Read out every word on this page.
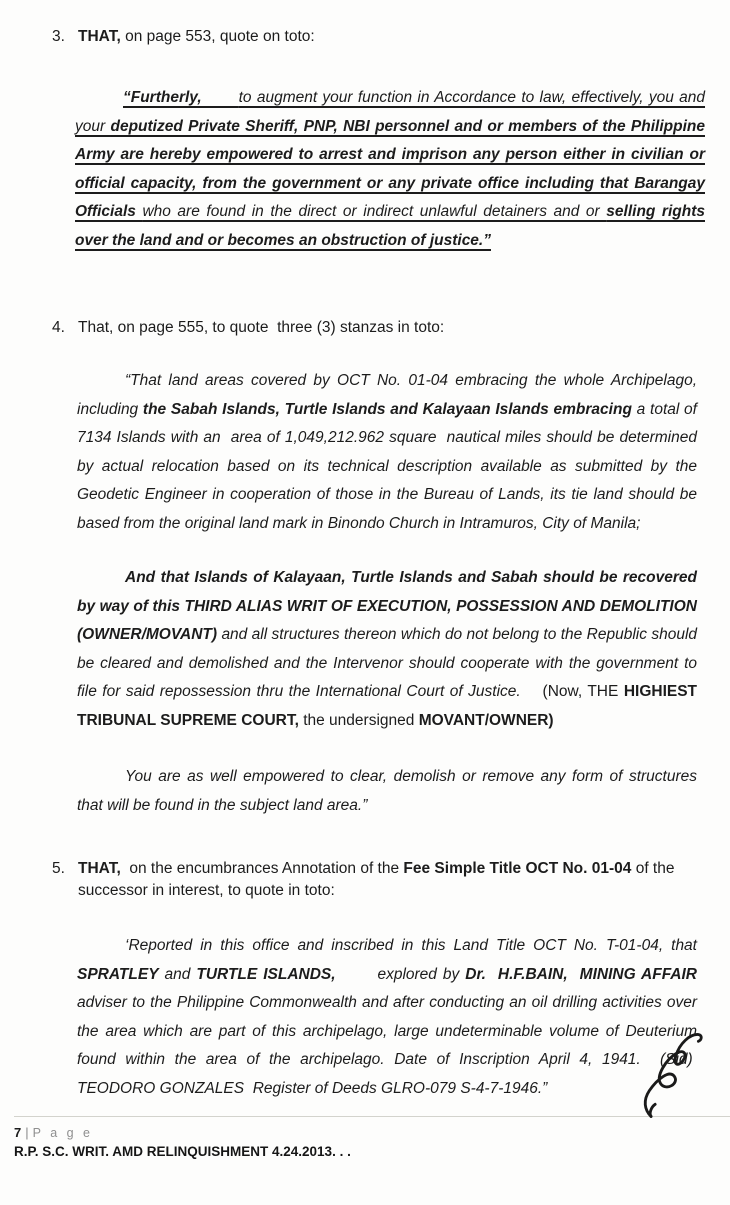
3. THAT, on page 553, quote on toto:

“Furtherly,       to augment your function in Accordance to law, effectively, you and your deputized Private Sheriff, PNP, NBI personnel and or members of the Philippine Army are hereby empowered to arrest and imprison any person either in civilian or official capacity, from the government or any private office including that Barangay Officials who are found in the direct or indirect unlawful detainers and or selling rights over the land and or becomes an obstruction of justice.”

4. That, on page 555, to quote  three (3) stanzas in toto:

“That land areas covered by OCT No. 01-04 embracing the whole Archipelago, including the Sabah Islands, Turtle Islands and Kalayaan Islands embracing a total of 7134 Islands with an  area of 1,049,212.962 square  nautical miles should be determined by actual relocation based on its technical description available as submitted by the Geodetic Engineer in cooperation of those in the Bureau of Lands, its tie land should be based from the original land mark in Binondo Church in Intramuros, City of Manila;

And that Islands of Kalayaan, Turtle Islands and Sabah should be recovered by way of this THIRD ALIAS WRIT OF EXECUTION, POSSESSION AND DEMOLITION (OWNER/MOVANT) and all structures thereon which do not belong to the Republic should be cleared and demolished and the Intervenor should cooperate with the government to file for said repossession thru the International Court of Justice.    (Now, THE HIGHIEST TRIBUNAL SUPREME COURT, the undersigned MOVANT/OWNER)

You are as well empowered to clear, demolish or remove any form of structures that will be found in the subject land area.”

5. THAT,  on the encumbrances Annotation of the Fee Simple Title OCT No. 01-04 of the successor in interest, to quote in toto:

‘Reported in this office and inscribed in this Land Title OCT No. T-01-04, that SPRATLEY and TURTLE ISLANDS,       explored by Dr.  H.F.BAIN,  MINING AFFAIR adviser to the Philippine Commonwealth and after conducting an oil drilling activities over the area which are part of this archipelago, large undeterminable volume of Deuterium found within the area of the archipelago. Date of Inscription April 4, 1941.  (Sid)  TEODORO GONZALES  Register of Deeds GLRO-079 S-4-7-1946.”

7 | P a g e
R.P. S.C. WRIT. AMD RELINQUISHMENT 4.24.2013. . .
